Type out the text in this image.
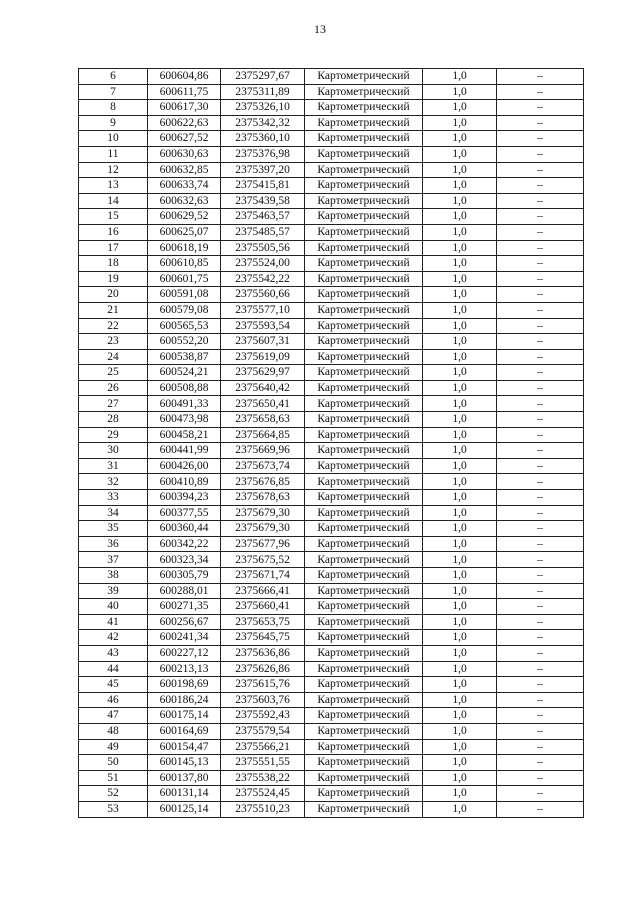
13
6	600604,86	2375297,67	Картометрический	1,0	–
7	600611,75	2375311,89	Картометрический	1,0	–
8	600617,30	2375326,10	Картометрический	1,0	–
9	600622,63	2375342,32	Картометрический	1,0	–
10	600627,52	2375360,10	Картометрический	1,0	–
11	600630,63	2375376,98	Картометрический	1,0	–
12	600632,85	2375397,20	Картометрический	1,0	–
13	600633,74	2375415,81	Картометрический	1,0	–
14	600632,63	2375439,58	Картометрический	1,0	–
15	600629,52	2375463,57	Картометрический	1,0	–
16	600625,07	2375485,57	Картометрический	1,0	–
17	600618,19	2375505,56	Картометрический	1,0	–
18	600610,85	2375524,00	Картометрический	1,0	–
19	600601,75	2375542,22	Картометрический	1,0	–
20	600591,08	2375560,66	Картометрический	1,0	–
21	600579,08	2375577,10	Картометрический	1,0	–
22	600565,53	2375593,54	Картометрический	1,0	–
23	600552,20	2375607,31	Картометрический	1,0	–
24	600538,87	2375619,09	Картометрический	1,0	–
25	600524,21	2375629,97	Картометрический	1,0	–
26	600508,88	2375640,42	Картометрический	1,0	–
27	600491,33	2375650,41	Картометрический	1,0	–
28	600473,98	2375658,63	Картометрический	1,0	–
29	600458,21	2375664,85	Картометрический	1,0	–
30	600441,99	2375669,96	Картометрический	1,0	–
31	600426,00	2375673,74	Картометрический	1,0	–
32	600410,89	2375676,85	Картометрический	1,0	–
33	600394,23	2375678,63	Картометрический	1,0	–
34	600377,55	2375679,30	Картометрический	1,0	–
35	600360,44	2375679,30	Картометрический	1,0	–
36	600342,22	2375677,96	Картометрический	1,0	–
37	600323,34	2375675,52	Картометрический	1,0	–
38	600305,79	2375671,74	Картометрический	1,0	–
39	600288,01	2375666,41	Картометрический	1,0	–
40	600271,35	2375660,41	Картометрический	1,0	–
41	600256,67	2375653,75	Картометрический	1,0	–
42	600241,34	2375645,75	Картометрический	1,0	–
43	600227,12	2375636,86	Картометрический	1,0	–
44	600213,13	2375626,86	Картометрический	1,0	–
45	600198,69	2375615,76	Картометрический	1,0	–
46	600186,24	2375603,76	Картометрический	1,0	–
47	600175,14	2375592,43	Картометрический	1,0	–
48	600164,69	2375579,54	Картометрический	1,0	–
49	600154,47	2375566,21	Картометрический	1,0	–
50	600145,13	2375551,55	Картометрический	1,0	–
51	600137,80	2375538,22	Картометрический	1,0	–
52	600131,14	2375524,45	Картометрический	1,0	–
53	600125,14	2375510,23	Картометрический	1,0	–
